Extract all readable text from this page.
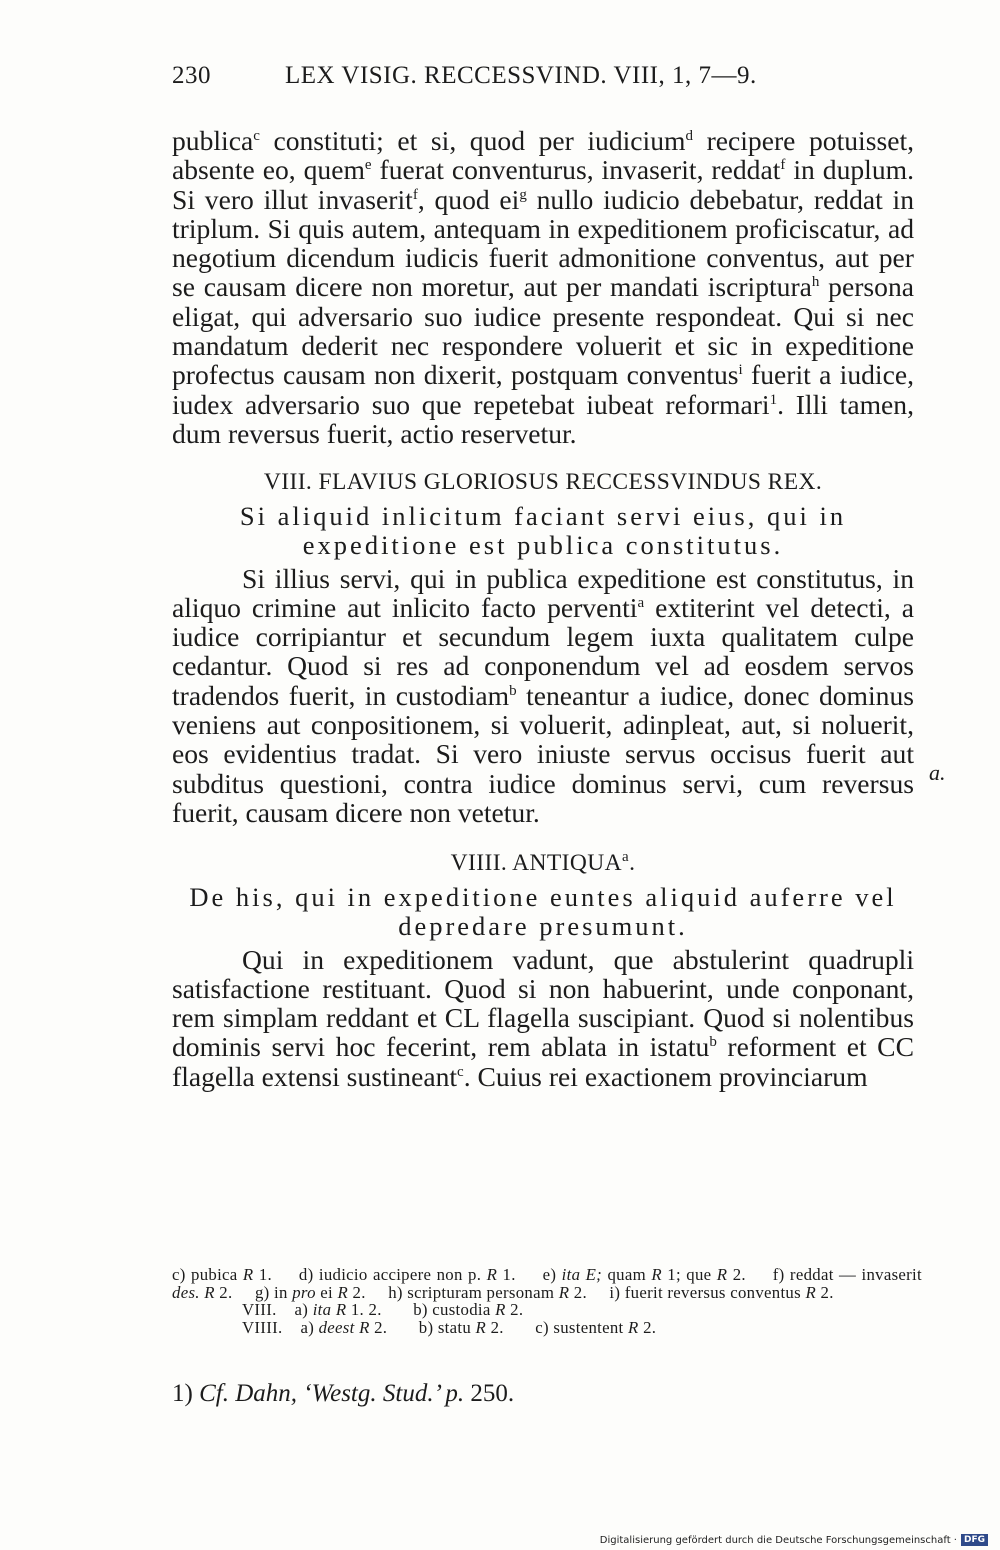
230	LEX VISIG. RECCESSVIND. VIII, 1, 7—9.

publica$^c$ constituti; et si, quod per iudicium$^d$ recipere potuisset, absente eo, quem$^e$ fuerat conventurus, invaserit, reddat$^f$ in duplum. Si vero illut invaserit$^f$, quod $ei^g$ nullo iudicio debebatur, reddat in triplum. Si quis autem, antequam in expeditionem proficiscatur, ad negotium dicendum iudicis fuerit admonitione conventus, aut per se causam dicere non moretur, aut per mandati iscriptura$^h$ persona eligat, qui adversario suo iudice presente respondeat. Qui si nec mandatum dederit nec respondere voluerit et sic in expeditione profectus causam non dixerit, postquam conventus$^i$ fuerit a iudice, iudex adversario suo que repetebat iubeat reformari$^1$. Illi tamen, dum reversus fuerit, actio reservetur.

VIII. FLAVIUS GLORIOSUS RECCESSVINDUS REX.
Si aliquid inlicitum faciant servi eius, qui in expeditione est publica constitutus.

Si illius servi, qui in publica expeditione est constitutus, in aliquo crimine aut inlicito facto perventi$^a$ extiterint vel detecti, a iudice corripiantur et secundum legem iuxta qualitatem culpe cedantur. Quod si res ad conponendum vel ad eosdem servos tradendos fuerit, in custodiam$^b$ teneantur a iudice, donec dominus veniens aut conpositionem, si voluerit, adinpleat, aut, si noluerit, eos evidentius tradat. Si vero iniuste servus occisus fuerit aut subditus questioni, contra iudice dominus servi, cum reversus fuerit, causam dicere non vetetur.

VIIII. ANTIQUA$^a$.
De his, qui in expeditione euntes aliquid auferre vel depredare presumunt.

Qui in expeditionem vadunt, que abstulerint quadrupli satisfactione restituant. Quod si non habuerint, unde conponant, rem simplam reddant et CL flagella suscipiant. Quod si nolentibus dominis servi hoc fecerint, rem ablata in istatu$^b$ reforment et CC flagella extensi sustineant$^c$. Cuius rei exactionem provinciarum

a.

c) pubica R 1.     d) iudicio accipere non p. R 1.     e) ita E; quam R 1; que R 2.     f) reddat — invaserit des. R 2.     g) in pro ei R 2.     h) scripturam personam R 2.     i) fuerit reversus conventus R 2.

VIII.    a) ita R 1. 2.       b) custodia R 2.

VIIII.    a) deest R 2.       b) statu R 2.       c) sustentent R 2.

1) Cf. Dahn, ‘Westg. Stud.’ p. 250.
Digitalisierung gefördert durch die Deutsche Forschungsgemeinschaft · DFG
